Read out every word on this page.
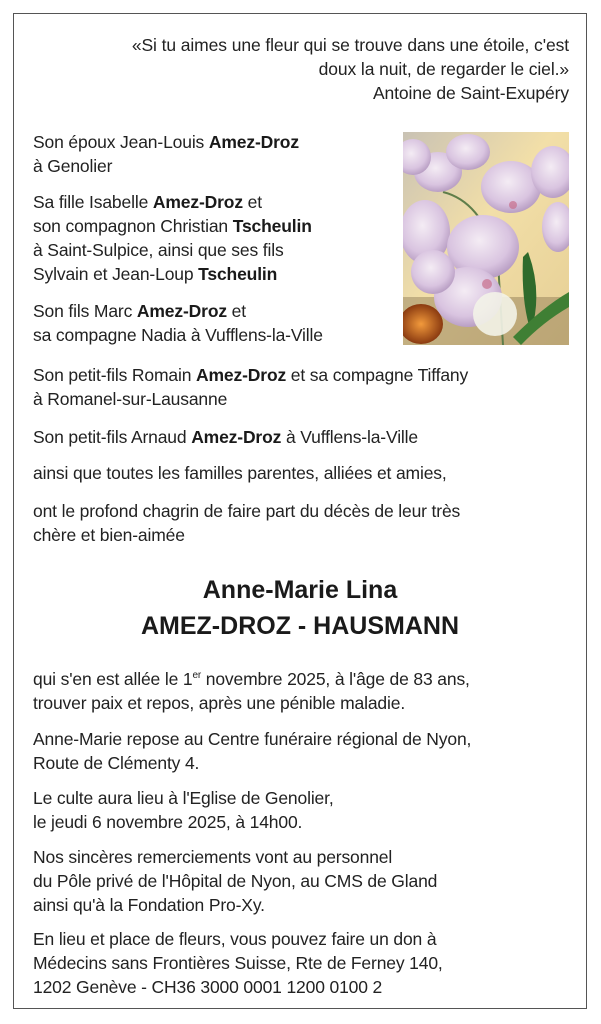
«Si tu aimes une fleur qui se trouve dans une étoile, c'est
doux la nuit, de regarder le ciel.»
Antoine de Saint-Exupéry
Son époux Jean-Louis Amez-Droz
à Genolier
Sa fille Isabelle Amez-Droz et
son compagnon Christian Tscheulin
à Saint-Sulpice, ainsi que ses fils
Sylvain et Jean-Loup Tscheulin
Son fils Marc Amez-Droz et
sa compagne Nadia à Vufflens-la-Ville
Son petit-fils Romain Amez-Droz et sa compagne Tiffany
à Romanel-sur-Lausanne
Son petit-fils Arnaud Amez-Droz à Vufflens-la-Ville
ainsi que toutes les familles parentes, alliées et amies,
ont le profond chagrin de faire part du décès de leur très
chère et bien-aimée
Anne-Marie Lina
AMEZ-DROZ - HAUSMANN
qui s'en est allée le 1er novembre 2025, à l'âge de 83 ans,
trouver paix et repos, après une pénible maladie.
Anne-Marie repose au Centre funéraire régional de Nyon,
Route de Clémenty 4.
Le culte aura lieu à l'Eglise de Genolier,
le jeudi 6 novembre 2025, à 14h00.
Nos sincères remerciements vont au personnel
du Pôle privé de l'Hôpital de Nyon, au CMS de Gland
ainsi qu'à la Fondation Pro-Xy.
En lieu et place de fleurs, vous pouvez faire un don à
Médecins sans Frontières Suisse, Rte de Ferney 140,
1202 Genève - CH36 3000 0001 1200 0100 2
